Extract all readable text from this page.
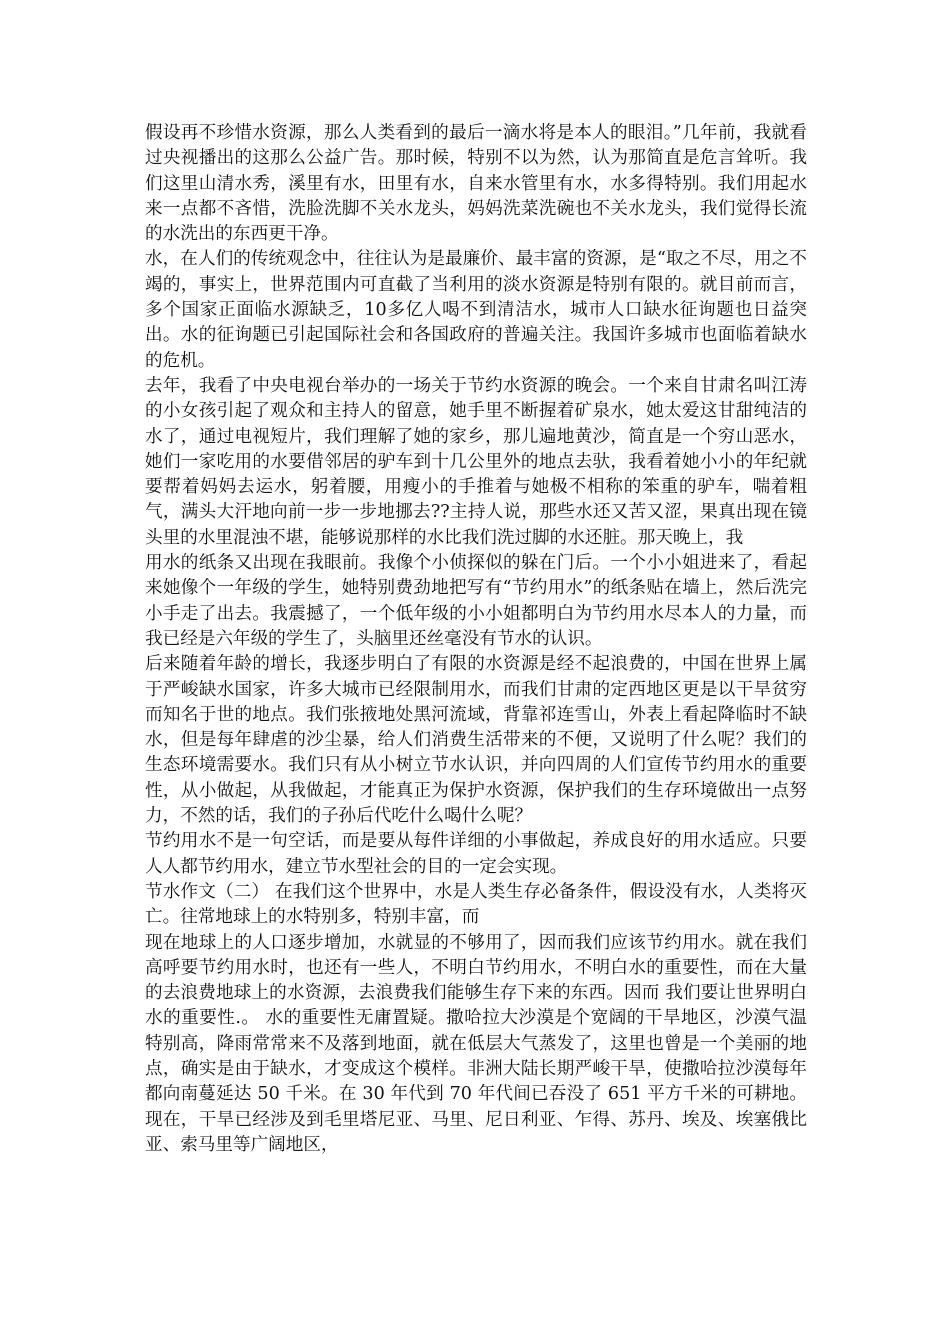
假设再不珍惜水资源，那么人类看到的最后一滴水将是本人的眼泪。”几年前，我就看过央视播出的这那么公益广告。那时候，特别不以为然，认为那简直是危言耸听。我们这里山清水秀，溪里有水，田里有水，自来水管里有水，水多得特别。我们用起水来一点都不吝惜，洗脸洗脚不关水龙头，妈妈洗菜洗碗也不关水龙头，我们觉得长流的水洗出的东西更干净。

水，在人们的传统观念中，往往认为是最廉价、最丰富的资源，是“取之不尽，用之不竭的，事实上，世界范围内可直截了当利用的淡水资源是特别有限的。就目前而言，多个国家正面临水源缺乏，10多亿人喝不到清洁水，城市人口缺水征询题也日益突出。水的征询题已引起国际社会和各国政府的普遍关注。我国许多城市也面临着缺水的危机。

去年，我看了中央电视台举办的一场关于节约水资源的晚会。一个来自甘肃名叫江涛的小女孩引起了观众和主持人的留意，她手里不断握着矿泉水，她太爱这甘甜纯洁的水了，通过电视短片，我们理解了她的家乡，那儿遍地黄沙，简直是一个穷山恶水，她们一家吃用的水要借邻居的驴车到十几公里外的地点去驮，我看着她小小的年纪就要帮着妈妈去运水，躬着腰，用瘦小的手推着与她极不相称的笨重的驴车，喘着粗气，满头大汗地向前一步一步地挪去??主持人说，那些水还又苦又涩，果真出现在镜头里的水里混浊不堪，能够说那样的水比我们洗过脚的水还脏。那天晚上，我

用水的纸条又出现在我眼前。我像个小侦探似的躲在门后。一个小小姐进来了，看起来她像个一年级的学生，她特别费劲地把写有“节约用水”的纸条贴在墙上，然后洗完小手走了出去。我震撼了，一个低年级的小小姐都明白为节约用水尽本人的力量，而我已经是六年级的学生了，头脑里还丝毫没有节水的认识。

后来随着年龄的增长，我逐步明白了有限的水资源是经不起浪费的，中国在世界上属于严峻缺水国家，许多大城市已经限制用水，而我们甘肃的定西地区更是以干旱贫穷而知名于世的地点。我们张掖地处黑河流域，背靠祁连雪山，外表上看起降临时不缺水，但是每年肆虐的沙尘暴，给人们消费生活带来的不便，又说明了什么呢？我们的生态环境需要水。我们只有从小树立节水认识，并向四周的人们宣传节约用水的重要性，从小做起，从我做起，才能真正为保护水资源，保护我们的生存环境做出一点努力，不然的话，我们的子孙后代吃什么喝什么呢？

节约用水不是一句空话，而是要从每件详细的小事做起，养成良好的用水适应。只要人人都节约用水，建立节水型社会的目的一定会实现。

节水作文（二） 在我们这个世界中，水是人类生存必备条件，假设没有水，人类将灭亡。往常地球上的水特别多，特别丰富，而

现在地球上的人口逐步增加，水就显的不够用了，因而我们应该节约用水。就在我们高呼要节约用水时，也还有一些人，不明白节约用水，不明白水的重要性，而在大量的去浪费地球上的水资源，去浪费我们能够生存下来的东西。因而 我们要让世界明白水的重要性.。 水的重要性无庸置疑。撒哈拉大沙漠是个宽阔的干旱地区，沙漠气温特别高，降雨常常来不及落到地面，就在低层大气蒸发了，这里也曾是一个美丽的地点，确实是由于缺水，才变成这个模样。非洲大陆长期严峻干旱，使撒哈拉沙漠每年都向南蔓延达 50 千米。在 30 年代到 70 年代间已吞没了 651 平方千米的可耕地。现在，干旱已经涉及到毛里塔尼亚、马里、尼日利亚、乍得、苏丹、埃及、埃塞俄比亚、索马里等广阔地区，
